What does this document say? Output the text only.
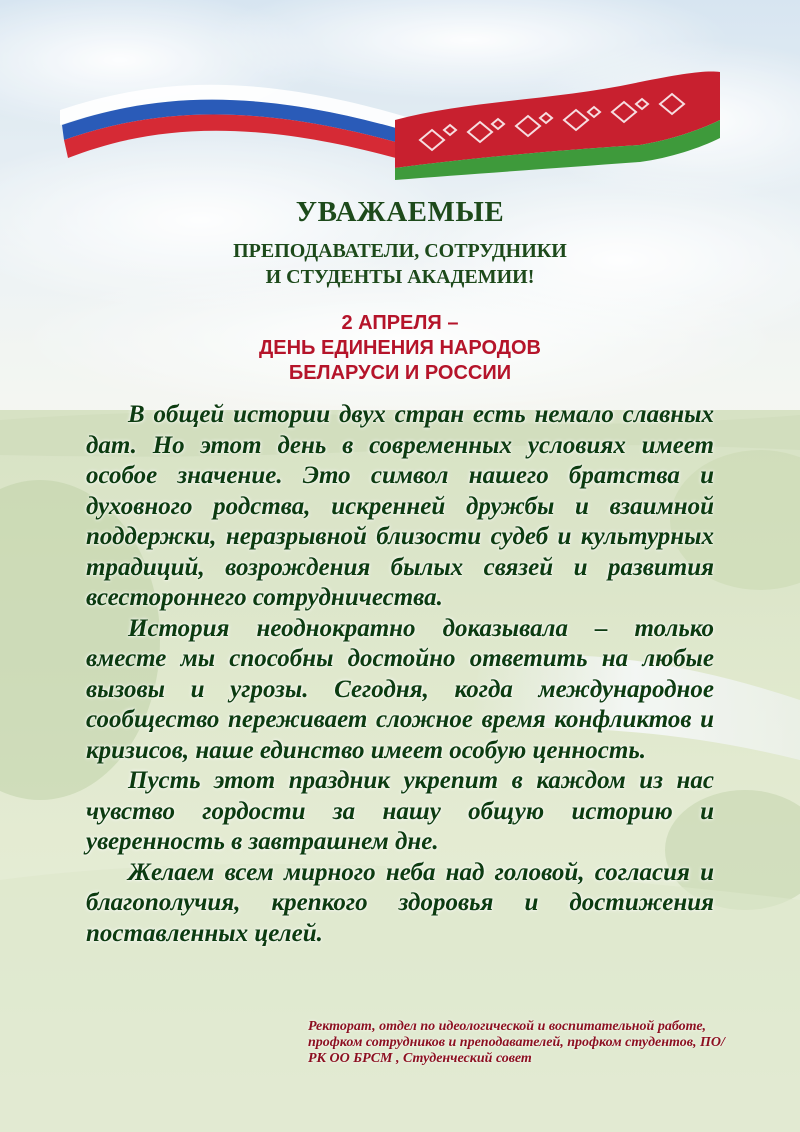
УВАЖАЕМЫЕ

ПРЕПОДАВАТЕЛИ, СОТРУДНИКИ

И СТУДЕНТЫ АКАДЕМИИ!

2 АПРЕЛЯ –

ДЕНЬ ЕДИНЕНИЯ НАРОДОВ

БЕЛАРУСИ И РОССИИ

В общей истории двух стран есть немало славных дат. Но этот день в современных условиях имеет особое значение. Это символ нашего братства и духовного родства, искренней дружбы и взаимной поддержки, неразрывной близости судеб и культурных традиций, возрождения былых связей и развития всестороннего сотрудничества.

История неоднократно доказывала – только вместе мы способны достойно ответить на любые вызовы и угрозы. Сегодня, когда международное сообщество переживает сложное время конфликтов и кризисов, наше единство имеет особую ценность.

Пусть этот праздник укрепит в каждом из нас чувство гордости за нашу общую историю и уверенность в завтрашнем дне.

Желаем всем мирного неба над головой, согласия и благополучия, крепкого здоровья и достижения поставленных целей.

Ректорат, отдел по идеологической и воспитательной работе, профком сотрудников и преподавателей, профком студентов, ПО/РК ОО БРСМ , Студенческий совет
